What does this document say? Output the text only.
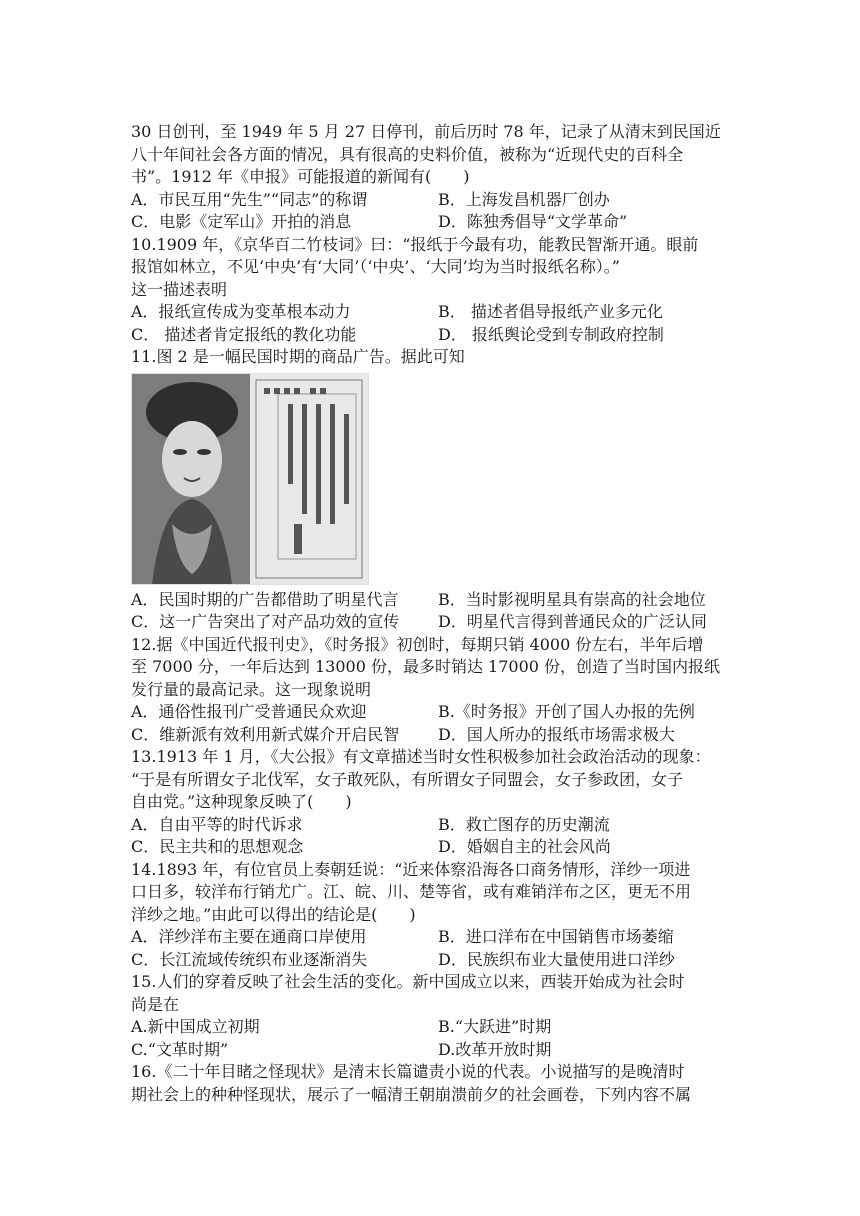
30 日创刊，至 1949 年 5 月 27 日停刊，前后历时 78 年，记录了从清末到民国近
八十年间社会各方面的情况，具有很高的史料价值，被称为“近现代史的百科全
书”。1912 年《申报》可能报道的新闻有(　　)
A．市民互用“先生”“同志”的称谓	B．上海发昌机器厂创办
C．电影《定军山》开拍的消息	D．陈独秀倡导“文学革命”
10.1909 年，《京华百二竹枝词》曰：“报纸于今最有功，能教民智渐开通。眼前
报馆如林立，不见‘中央’有‘大同’（‘中央’、‘大同’均为当时报纸名称）。”
这一描述表明
A．报纸宣传成为变革根本动力	B． 描述者倡导报纸产业多元化
C． 描述者肯定报纸的教化功能	D． 报纸舆论受到专制政府控制
11.图 2 是一幅民国时期的商品广告。据此可知
A．民国时期的广告都借助了明星代言	B．当时影视明星具有崇高的社会地位
C．这一广告突出了对产品功效的宣传	D．明星代言得到普通民众的广泛认同
12.据《中国近代报刊史》，《时务报》初创时，每期只销 4000 份左右，半年后增
至 7000 分，一年后达到 13000 份，最多时销达 17000 份，创造了当时国内报纸
发行量的最高记录。这一现象说明
A．通俗性报刊广受普通民众欢迎	B.《时务报》开创了国人办报的先例
C．维新派有效利用新式媒介开启民智	D．国人所办的报纸市场需求极大
13.1913 年 1 月，《大公报》有文章描述当时女性积极参加社会政治活动的现象：
“于是有所谓女子北伐军，女子敢死队，有所谓女子同盟会，女子参政团，女子
自由党。”这种现象反映了(　　)
A．自由平等的时代诉求	B．救亡图存的历史潮流
C．民主共和的思想观念	D．婚姻自主的社会风尚
14.1893 年，有位官员上奏朝廷说：“近来体察沿海各口商务情形，洋纱一项进
口日多，较洋布行销尤广。江、皖、川、楚等省，或有难销洋布之区，更无不用
洋纱之地。”由此可以得出的结论是(　　)
A．洋纱洋布主要在通商口岸使用	B．进口洋布在中国销售市场萎缩
C．长江流域传统织布业逐渐消失	D．民族织布业大量使用进口洋纱
15.人们的穿着反映了社会生活的变化。新中国成立以来，西装开始成为社会时
尚是在
A.新中国成立初期	B.“大跃进”时期
C.“文革时期”	D.改革开放时期
16.《二十年目睹之怪现状》是清末长篇谴责小说的代表。小说描写的是晚清时
期社会上的种种怪现状，展示了一幅清王朝崩溃前夕的社会画卷，下列内容不属
